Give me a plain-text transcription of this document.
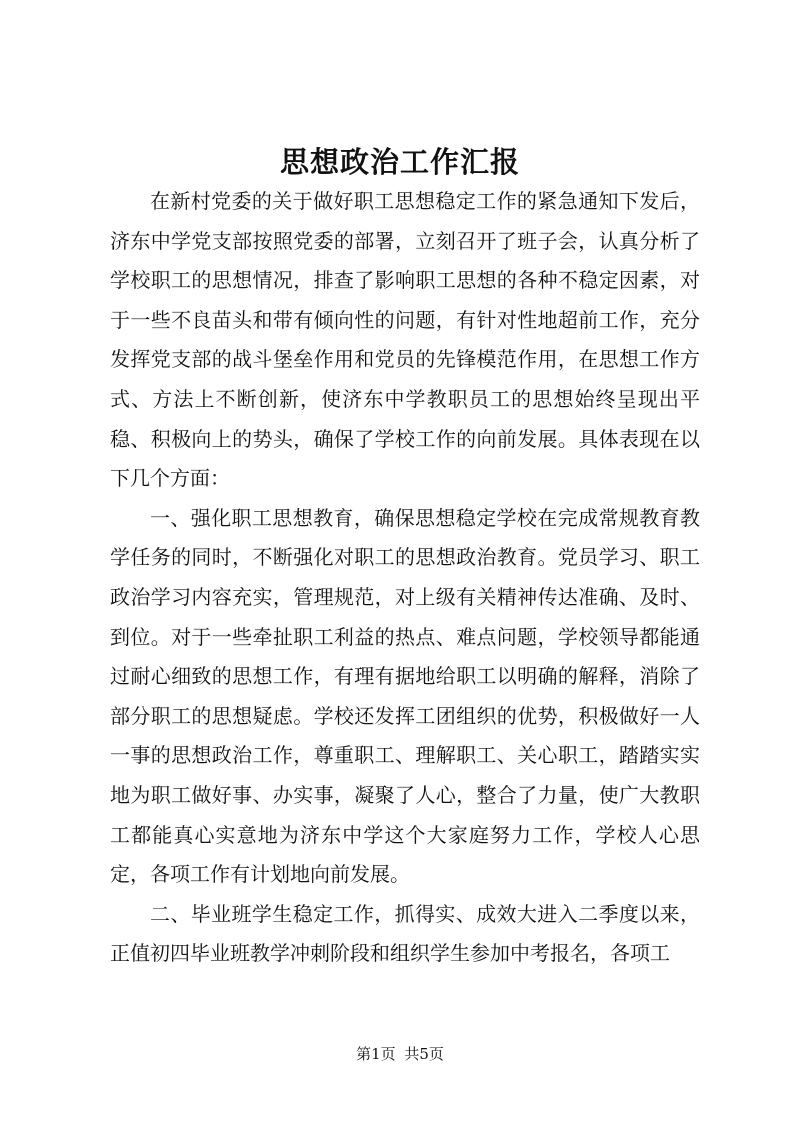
思想政治工作汇报

在新村党委的关于做好职工思想稳定工作的紧急通知下发后，济东中学党支部按照党委的部署，立刻召开了班子会，认真分析了学校职工的思想情况，排查了影响职工思想的各种不稳定因素，对于一些不良苗头和带有倾向性的问题，有针对性地超前工作，充分发挥党支部的战斗堡垒作用和党员的先锋模范作用，在思想工作方式、方法上不断创新，使济东中学教职员工的思想始终呈现出平稳、积极向上的势头，确保了学校工作的向前发展。具体表现在以下几个方面：

一、强化职工思想教育，确保思想稳定学校在完成常规教育教学任务的同时，不断强化对职工的思想政治教育。党员学习、职工政治学习内容充实，管理规范，对上级有关精神传达准确、及时、到位。对于一些牵扯职工利益的热点、难点问题，学校领导都能通过耐心细致的思想工作，有理有据地给职工以明确的解释，消除了部分职工的思想疑虑。学校还发挥工团组织的优势，积极做好一人一事的思想政治工作，尊重职工、理解职工、关心职工，踏踏实实地为职工做好事、办实事，凝聚了人心，整合了力量，使广大教职工都能真心实意地为济东中学这个大家庭努力工作，学校人心思定，各项工作有计划地向前发展。

二、毕业班学生稳定工作，抓得实、成效大进入二季度以来，正值初四毕业班教学冲刺阶段和组织学生参加中考报名，各项工

第1页 共5页
